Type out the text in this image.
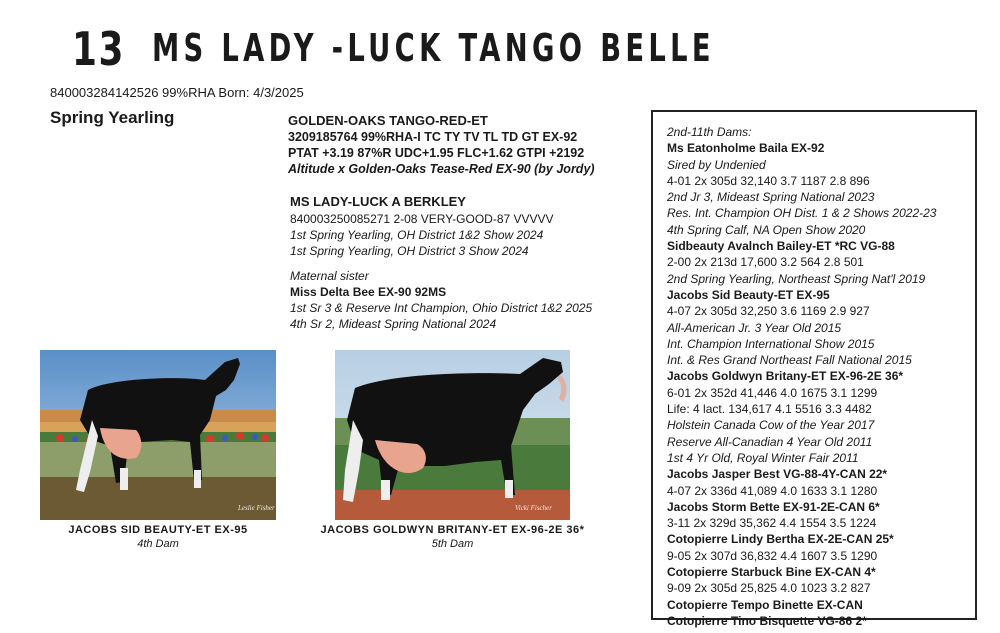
13 MS LADY -LUCK TANGO BELLE
840003284142526 99%RHA Born: 4/3/2025
Spring Yearling	GOLDEN-OAKS TANGO-RED-ET
3209185764 99%RHA-I TC TY TV TL TD GT EX-92
PTAT +3.19 87%R UDC+1.95 FLC+1.62 GTPI +2192
Altitude x Golden-Oaks Tease-Red EX-90 (by Jordy)
MS LADY-LUCK A BERKLEY
840003250085271 2-08 VERY-GOOD-87 VVVVV
1st Spring Yearling, OH District 1&2 Show 2024
1st Spring Yearling, OH District 3 Show 2024
Maternal sister
Miss Delta Bee EX-90 92MS
1st Sr 3 & Reserve Int Champion, Ohio District 1&2 2025
4th Sr 2, Mideast Spring National 2024
Leslie Fisher
JACOBS SID BEAUTY-ET EX-95
4th Dam
Vicki Fischer
JACOBS GOLDWYN BRITANY-ET EX-96-2E 36*
5th Dam
2nd-11th Dams:
Ms Eatonholme Baila EX-92
Sired by Undenied
4-01 2x 305d 32,140 3.7 1187 2.8 896
2nd Jr 3, Mideast Spring National 2023
Res. Int. Champion OH Dist. 1 & 2 Shows 2022-23
4th Spring Calf, NA Open Show 2020
Sidbeauty Avalnch Bailey-ET *RC VG-88
2-00 2x 213d 17,600 3.2 564 2.8 501
2nd Spring Yearling, Northeast Spring Nat'l 2019
Jacobs Sid Beauty-ET EX-95
4-07 2x 305d 32,250 3.6 1169 2.9 927
All-American Jr. 3 Year Old 2015
Int. Champion International Show 2015
Int. & Res Grand Northeast Fall National 2015
Jacobs Goldwyn Britany-ET EX-96-2E 36*
6-01 2x 352d 41,446 4.0 1675 3.1 1299
Life: 4 lact. 134,617 4.1 5516 3.3 4482
Holstein Canada Cow of the Year 2017
Reserve All-Canadian 4 Year Old 2011
1st 4 Yr Old, Royal Winter Fair 2011
Jacobs Jasper Best VG-88-4Y-CAN 22*
4-07 2x 336d 41,089 4.0 1633 3.1 1280
Jacobs Storm Bette EX-91-2E-CAN 6*
3-11 2x 329d 35,362 4.4 1554 3.5 1224
Cotopierre Lindy Bertha EX-2E-CAN 25*
9-05 2x 307d 36,832 4.4 1607 3.5 1290
Cotopierre Starbuck Bine EX-CAN 4*
9-09 2x 305d 25,825 4.0 1023 3.2 827
Cotopierre Tempo Binette EX-CAN
Cotopierre Tino Bisquette VG-86 2*
